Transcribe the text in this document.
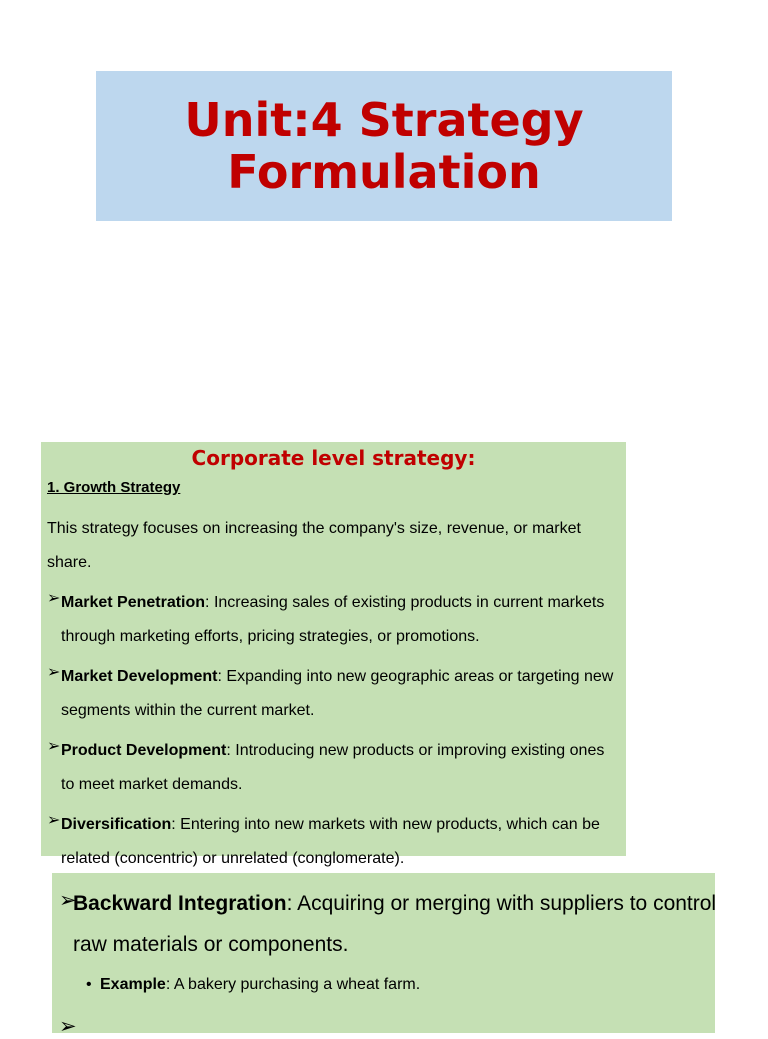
Unit:4 Strategy
Formulation
Corporate level strategy:
1. Growth Strategy
This strategy focuses on increasing the company's size, revenue, or market share.
➢ Market Penetration: Increasing sales of existing products in current markets through marketing efforts, pricing strategies, or promotions.
➢ Market Development: Expanding into new geographic areas or targeting new segments within the current market.
➢ Product Development: Introducing new products or improving existing ones to meet market demands.
➢ Diversification: Entering into new markets with new products, which can be related (concentric) or unrelated (conglomerate).
➢
Backward Integration: Acquiring or merging with suppliers to control raw materials or components.
• Example: A bakery purchasing a wheat farm.
➢
